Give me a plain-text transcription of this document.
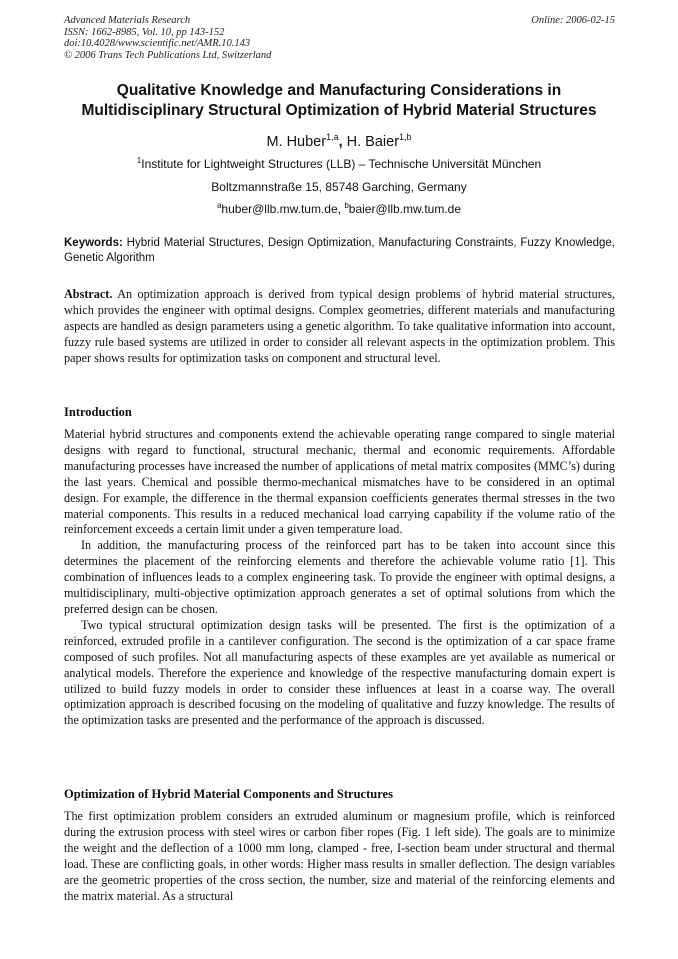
Advanced Materials Research
ISSN: 1662-8985, Vol. 10, pp 143-152
doi:10.4028/www.scientific.net/AMR.10.143
© 2006 Trans Tech Publications Ltd, Switzerland
Online: 2006-02-15
Qualitative Knowledge and Manufacturing Considerations in
Multidisciplinary Structural Optimization of Hybrid Material Structures
M. Huber$^{1,a}$, H. Baier$^{1,b}$
$^1$Institute for Lightweight Structures (LLB) – Technische Universität München
Boltzmannstraße 15, 85748 Garching, Germany
$^a$huber@llb.mw.tum.de, $^b$baier@llb.mw.tum.de
Keywords: Hybrid Material Structures, Design Optimization, Manufacturing Constraints, Fuzzy Knowledge, Genetic Algorithm

Abstract. An optimization approach is derived from typical design problems of hybrid material structures, which provides the engineer with optimal designs. Complex geometries, different materials and manufacturing aspects are handled as design parameters using a genetic algorithm. To take qualitative information into account, fuzzy rule based systems are utilized in order to consider all relevant aspects in the optimization problem. This paper shows results for optimization tasks on component and structural level.

Introduction

Material hybrid structures and components extend the achievable operating range compared to single material designs with regard to functional, structural mechanic, thermal and economic requirements. Affordable manufacturing processes have increased the number of applications of metal matrix composites (MMC’s) during the last years. Chemical and possible thermo-mechanical mismatches have to be considered in an optimal design. For example, the difference in the thermal expansion coefficients generates thermal stresses in the two material components. This results in a reduced mechanical load carrying capability if the volume ratio of the reinforcement exceeds a certain limit under a given temperature load.

In addition, the manufacturing process of the reinforced part has to be taken into account since this determines the placement of the reinforcing elements and therefore the achievable volume ratio [1]. This combination of influences leads to a complex engineering task. To provide the engineer with optimal designs, a multidisciplinary, multi-objective optimization approach generates a set of optimal solutions from which the preferred design can be chosen.

Two typical structural optimization design tasks will be presented. The first is the optimization of a reinforced, extruded profile in a cantilever configuration. The second is the optimization of a car space frame composed of such profiles. Not all manufacturing aspects of these examples are yet available as numerical or analytical models. Therefore the experience and knowledge of the respective manufacturing domain expert is utilized to build fuzzy models in order to consider these influences at least in a coarse way. The overall optimization approach is described focusing on the modeling of qualitative and fuzzy knowledge. The results of the optimization tasks are presented and the performance of the approach is discussed.

Optimization of Hybrid Material Components and Structures

The first optimization problem considers an extruded aluminum or magnesium profile, which is reinforced during the extrusion process with steel wires or carbon fiber ropes (Fig. 1 left side). The goals are to minimize the weight and the deflection of a 1000 mm long, clamped - free, I-section beam under structural and thermal load. These are conflicting goals, in other words: Higher mass results in smaller deflection. The design variables are the geometric properties of the cross section, the number, size and material of the reinforcing elements and the matrix material. As a structural
